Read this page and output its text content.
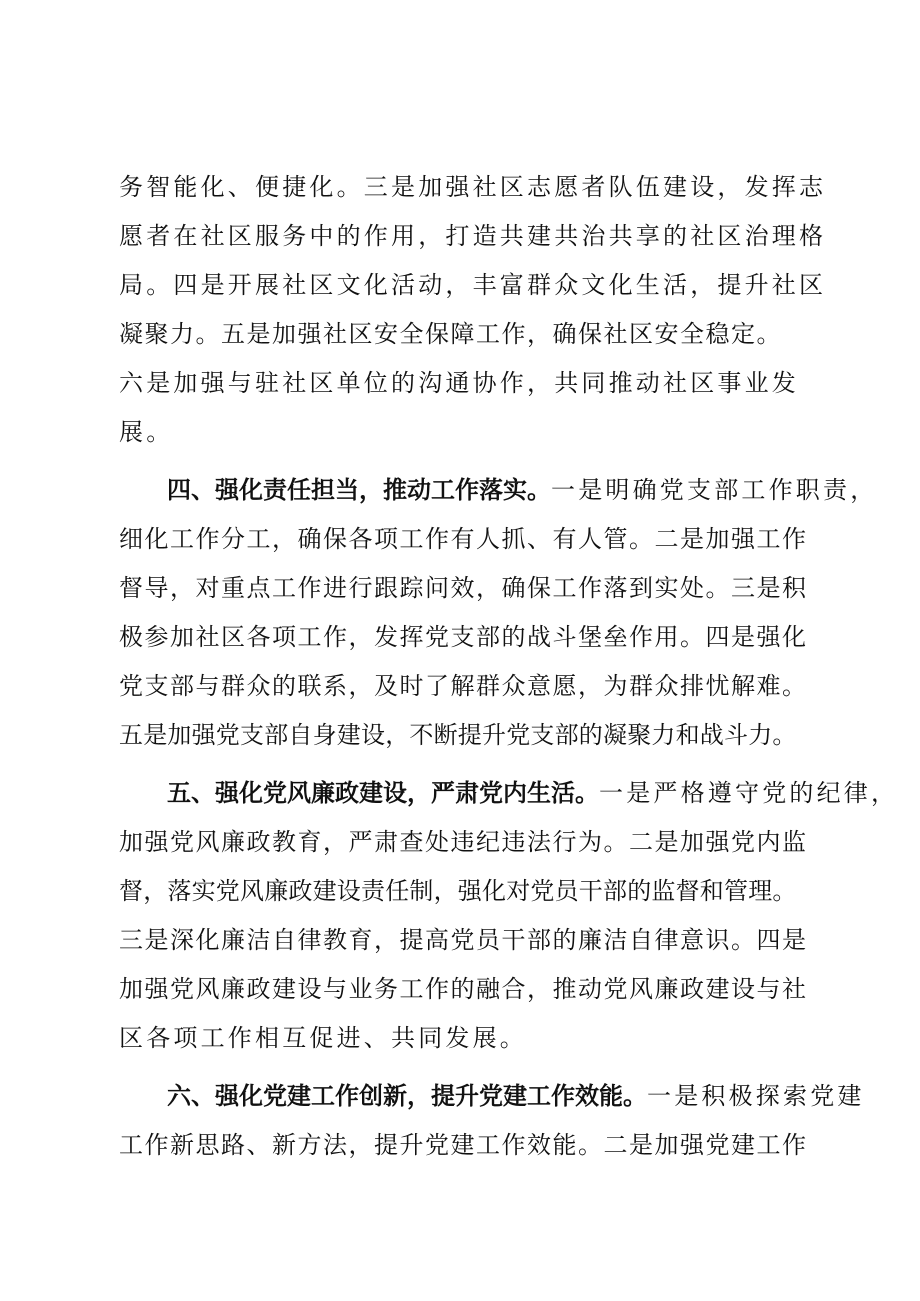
务智能化、便捷化。三是加强社区志愿者队伍建设，发挥志
愿者在社区服务中的作用，打造共建共治共享的社区治理格
局。四是开展社区文化活动，丰富群众文化生活，提升社区
凝聚力。五是加强社区安全保障工作，确保社区安全稳定。
六是加强与驻社区单位的沟通协作，共同推动社区事业发
展。
四、强化责任担当，推动工作落实。一是明确党支部工作职责，
细化工作分工，确保各项工作有人抓、有人管。二是加强工作
督导，对重点工作进行跟踪问效，确保工作落到实处。三是积
极参加社区各项工作，发挥党支部的战斗堡垒作用。四是强化
党支部与群众的联系，及时了解群众意愿，为群众排忧解难。
五是加强党支部自身建设，不断提升党支部的凝聚力和战斗力。
五、强化党风廉政建设，严肃党内生活。一是严格遵守党的纪律，
加强党风廉政教育，严肃查处违纪违法行为。二是加强党内监
督，落实党风廉政建设责任制，强化对党员干部的监督和管理。
三是深化廉洁自律教育，提高党员干部的廉洁自律意识。四是
加强党风廉政建设与业务工作的融合，推动党风廉政建设与社
区各项工作相互促进、共同发展。
六、强化党建工作创新，提升党建工作效能。一是积极探索党建
工作新思路、新方法，提升党建工作效能。二是加强党建工作
